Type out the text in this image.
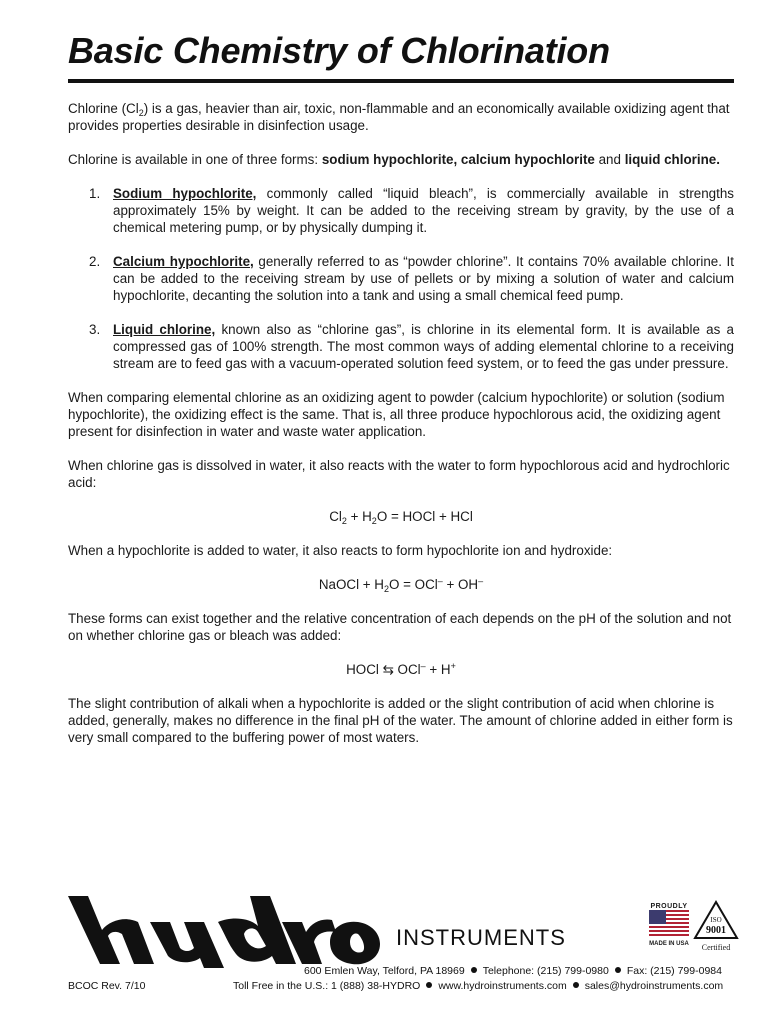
Basic Chemistry of Chlorination

Chlorine $(Cl_2)$ is a gas, heavier than air, toxic, non-flammable and an economically available oxidizing agent that provides properties desirable in disinfection usage.

Chlorine is available in one of three forms: sodium hypochlorite, calcium hypochlorite and liquid chlorine.

1. Sodium hypochlorite, commonly called “liquid bleach”, is commercially available in strengths approximately 15% by weight. It can be added to the receiving stream by gravity, by the use of a chemical metering pump, or by physically dumping it.
2. Calcium hypochlorite, generally referred to as “powder chlorine”. It contains 70% available chlorine. It can be added to the receiving stream by use of pellets or by mixing a solution of water and calcium hypochlorite, decanting the solution into a tank and using a small chemical feed pump.
3. Liquid chlorine, known also as “chlorine gas”, is chlorine in its elemental form. It is available as a compressed gas of 100% strength. The most common ways of adding elemental chlorine to a receiving stream are to feed gas with a vacuum-operated solution feed system, or to feed the gas under pressure.

When comparing elemental chlorine as an oxidizing agent to powder (calcium hypochlorite) or solution (sodium hypochlorite), the oxidizing effect is the same. That is, all three produce hypochlorous acid, the oxidizing agent present for disinfection in water and waste water application.

When chlorine gas is dissolved in water, it also reacts with the water to form hypochlorous acid and hydrochloric acid:

$Cl_2 + H_2O$ = HOCl + HCl

When a hypochlorite is added to water, it also reacts to form hypochlorite ion and hydroxide:

NaOCl + $H_2O = OCl^- + OH^-$

These forms can exist together and the relative concentration of each depends on the pH of the solution and not on whether chlorine gas or bleach was added:

HOCl ⇆ OCl– + H+

The slight contribution of alkali when a hypochlorite is added or the slight contribution of acid when chlorine is added, generally, makes no difference in the final pH of the water. The amount of chlorine added in either form is very small compared to the buffering power of most waters.

INSTRUMENTS
PROUDLY
MADE IN USA
ISO
9001
Certified
600 Emlen Way, Telford, PA 18969 Telephone: (215) 799-0980 Fax: (215) 799-0984
BCOC Rev. 7/10	Toll Free in the U.S.: 1 (888) 38-HYDRO www.hydroinstruments.com sales@hydroinstruments.com
